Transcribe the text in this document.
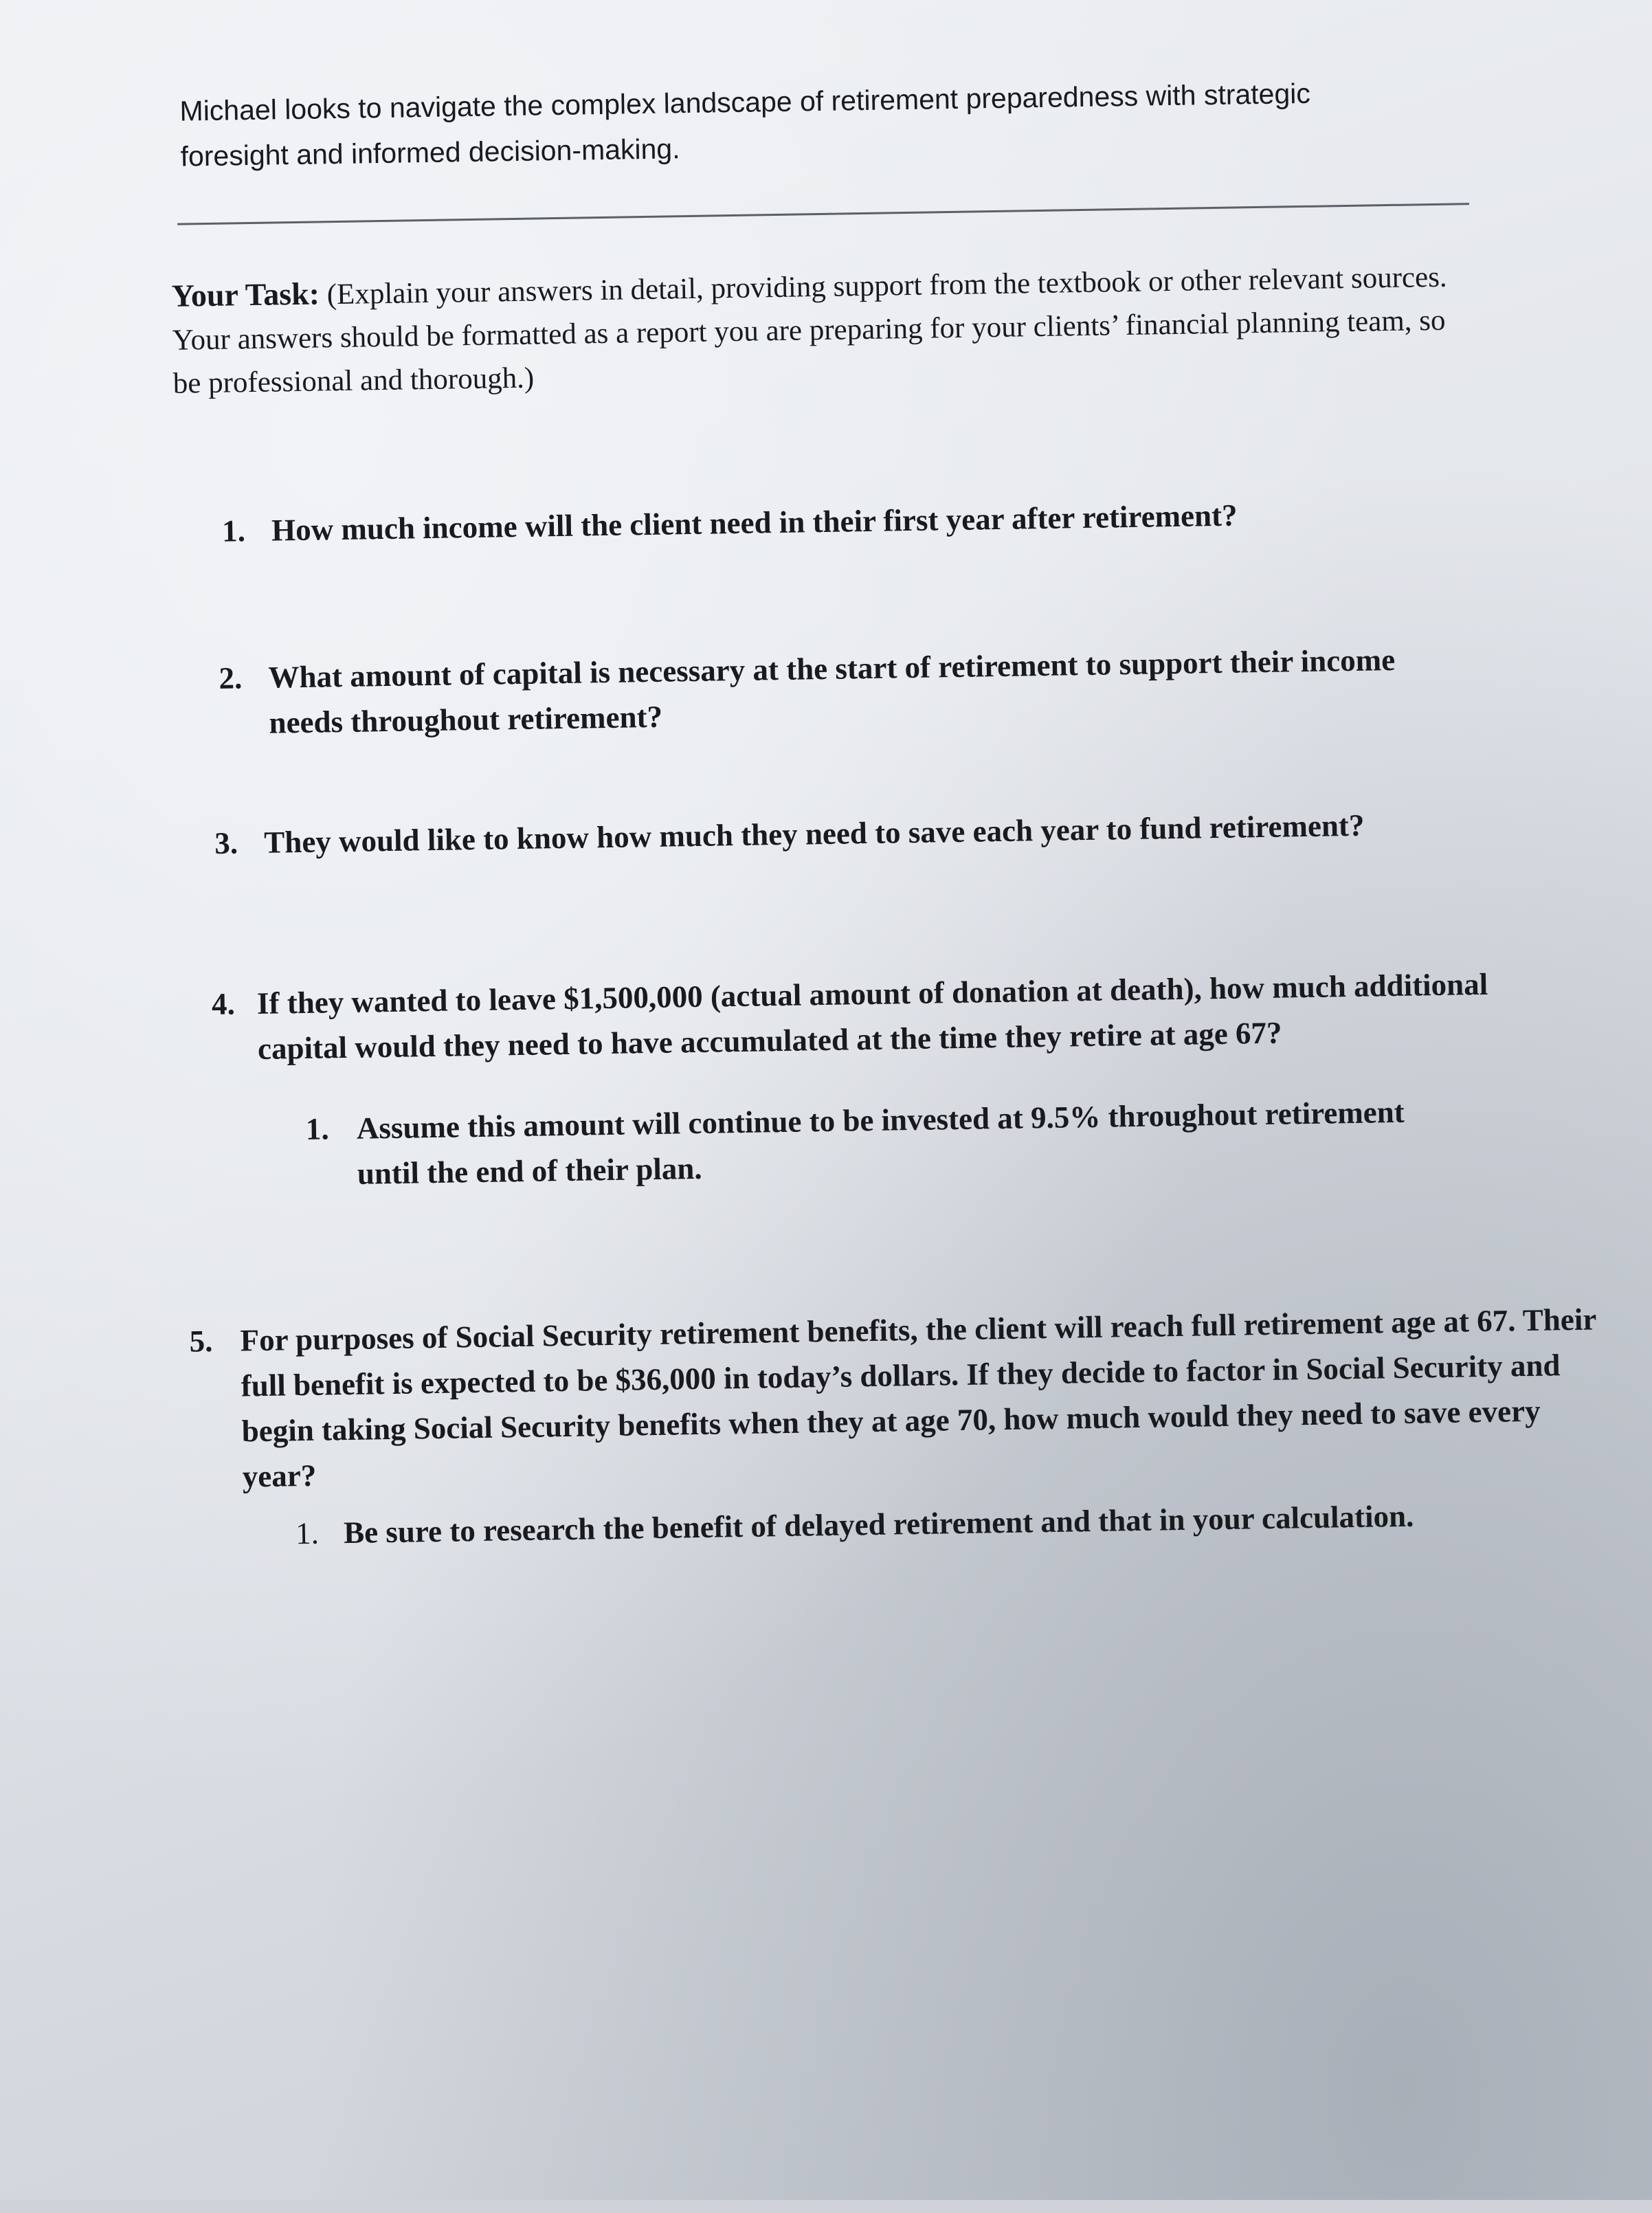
Michael looks to navigate the complex landscape of retirement preparedness with strategic foresight and informed decision-making.

Your Task: (Explain your answers in detail, providing support from the textbook or other relevant sources. Your answers should be formatted as a report you are preparing for your clients’ financial planning team, so be professional and thorough.)

1. How much income will the client need in their first year after retirement?
2. What amount of capital is necessary at the start of retirement to support their income needs throughout retirement?
3. They would like to know how much they need to save each year to fund retirement?
4. If they wanted to leave $1,500,000 (actual amount of donation at death), how much additional capital would they need to have accumulated at the time they retire at age 67?
1. Assume this amount will continue to be invested at 9.5% throughout retirement until the end of their plan.
5. For purposes of Social Security retirement benefits, the client will reach full retirement age at 67. Their full benefit is expected to be $36,000 in today’s dollars. If they decide to factor in Social Security and begin taking Social Security benefits when they at age 70, how much would they need to save every year?
1. Be sure to research the benefit of delayed retirement and that in your calculation.
